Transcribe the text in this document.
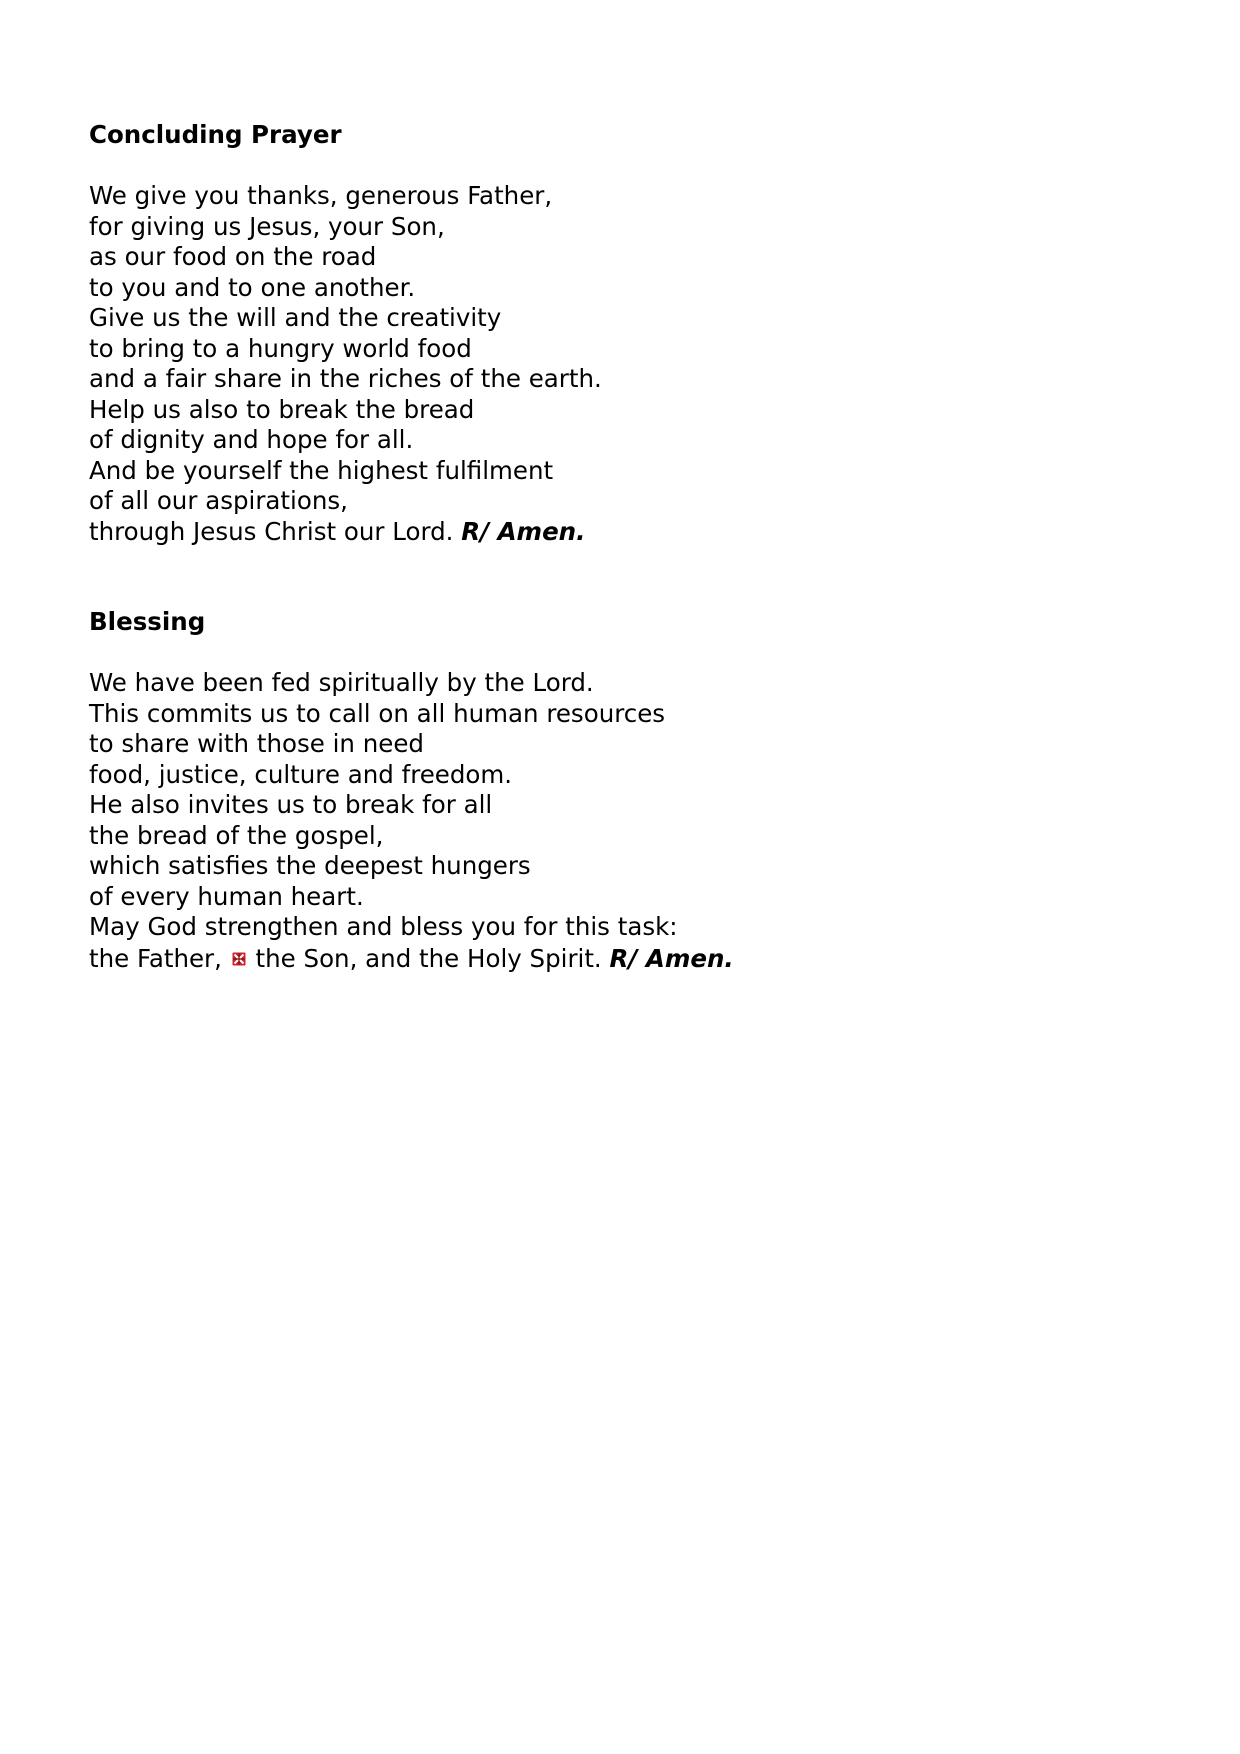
Concluding Prayer
We give you thanks, generous Father,
for giving us Jesus, your Son,
as our food on the road
to you and to one another.
Give us the will and the creativity
to bring to a hungry world food
and a fair share in the riches of the earth.
Help us also to break the bread
of dignity and hope for all.
And be yourself the highest fulfilment
of all our aspirations,
through Jesus Christ our Lord. R/ Amen.
Blessing
We have been fed spiritually by the Lord.
This commits us to call on all human resources
to share with those in need
food, justice, culture and freedom.
He also invites us to break for all
the bread of the gospel,
which satisfies the deepest hungers
of every human heart.
May God strengthen and bless you for this task:
the Father, the Son, and the Holy Spirit. R/ Amen.
